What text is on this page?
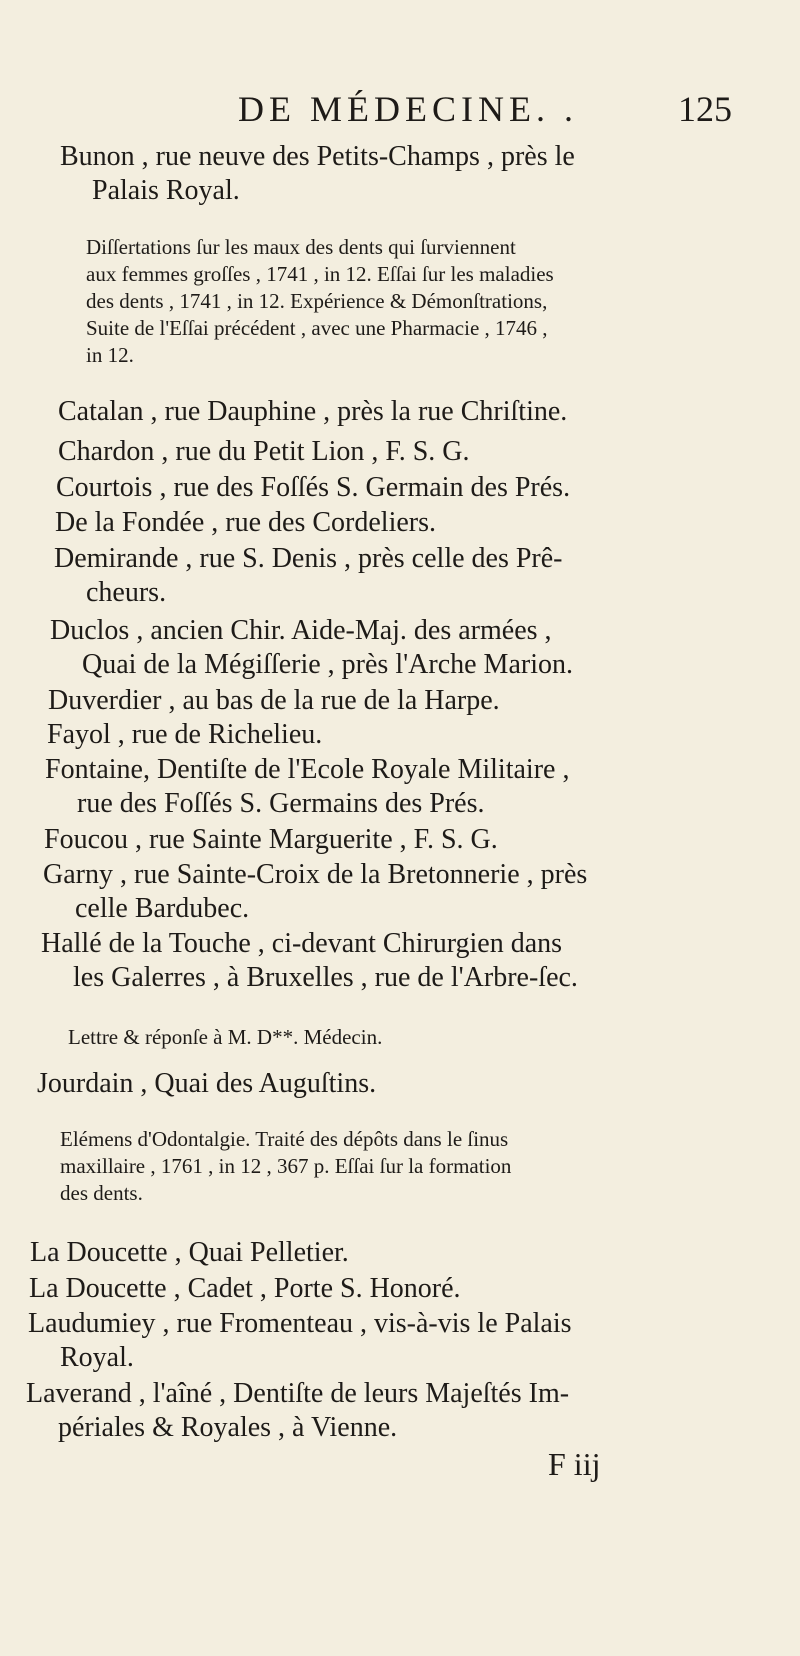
DE MÉDECINE. .	125
Bunon , rue neuve des Petits-Champs , près le
Palais Royal.
Diſſertations ſur les maux des dents qui ſurviennent
aux femmes groſſes , 1741 , in 12. Eſſai ſur les maladies
des dents , 1741 , in 12. Expérience & Démonſtrations,
Suite de l'Eſſai précédent , avec une Pharmacie , 1746 ,
in 12.
Catalan , rue Dauphine , près la rue Chriſtine.
Chardon , rue du Petit Lion , F. S. G.
Courtois , rue des Foſſés S. Germain des Prés.
De la Fondée , rue des Cordeliers.
Demirande , rue S. Denis , près celle des Prê-
cheurs.
Duclos , ancien Chir. Aide-Maj. des armées ,
Quai de la Mégiſſerie , près l'Arche Marion.
Duverdier , au bas de la rue de la Harpe.
Fayol , rue de Richelieu.
Fontaine, Dentiſte de l'Ecole Royale Militaire ,
rue des Foſſés S. Germains des Prés.
Foucou , rue Sainte Marguerite , F. S. G.
Garny , rue Sainte-Croix de la Bretonnerie , près
celle Bardubec.
Hallé de la Touche , ci-devant Chirurgien dans
les Galerres , à Bruxelles , rue de l'Arbre-ſec.
Lettre & réponſe à M. D**. Médecin.
Jourdain , Quai des Auguſtins.
Elémens d'Odontalgie. Traité des dépôts dans le ſinus
maxillaire , 1761 , in 12 , 367 p. Eſſai ſur la formation
des dents.
La Doucette , Quai Pelletier.
La Doucette , Cadet , Porte S. Honoré.
Laudumiey , rue Fromenteau , vis-à-vis le Palais
Royal.
Laverand , l'aîné , Dentiſte de leurs Majeſtés Im-
périales & Royales , à Vienne.
F iij
